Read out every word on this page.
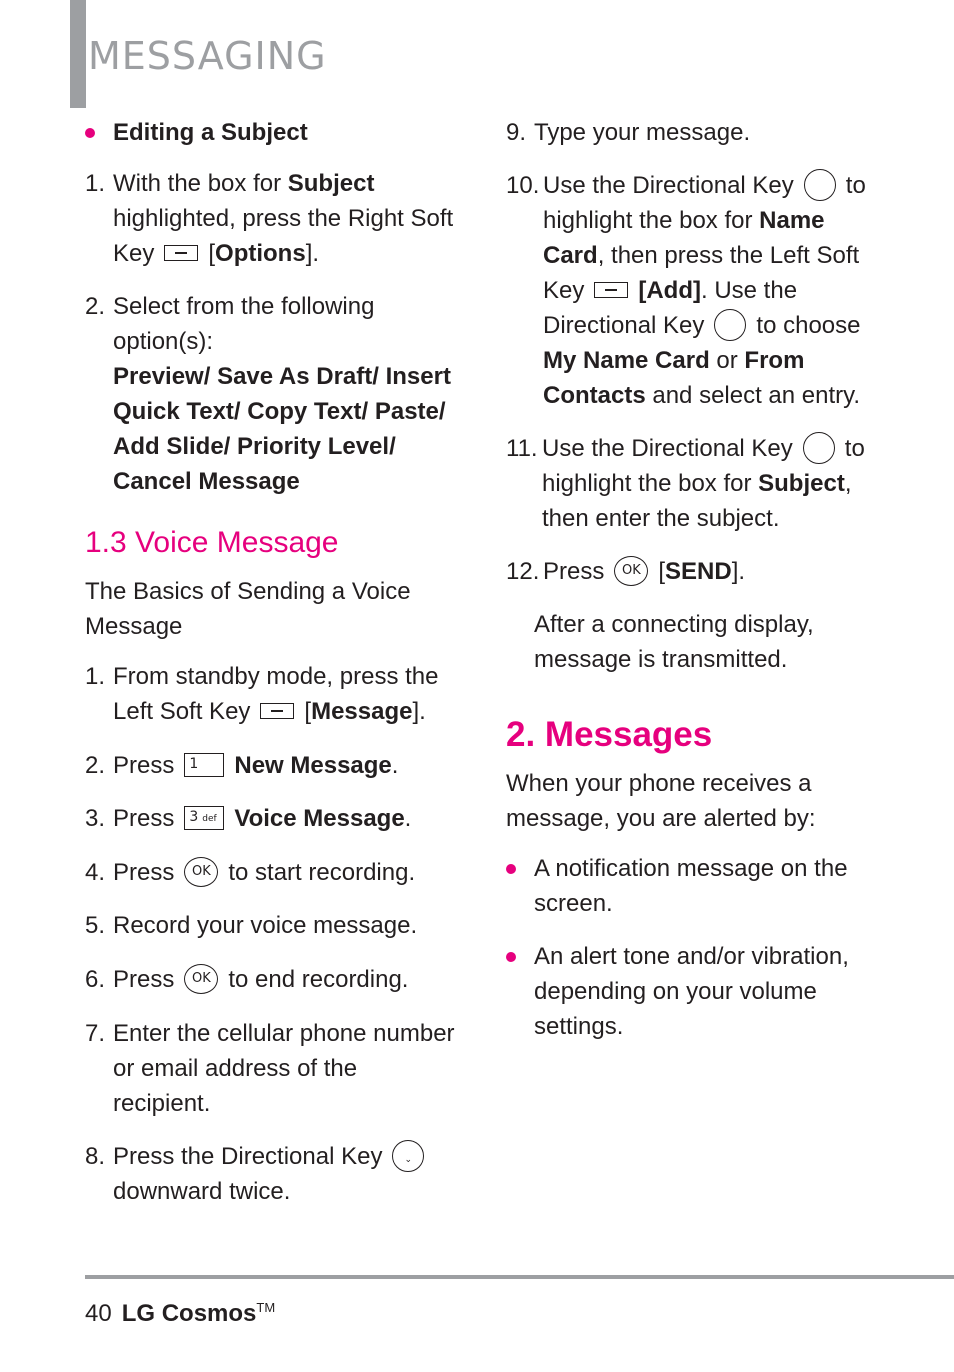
MESSAGING
Editing a Subject
1. With the box for Subject highlighted, press the Right Soft Key [Options].
2. Select from the following option(s):
Preview/ Save As Draft/ Insert Quick Text/ Copy Text/ Paste/ Add Slide/ Priority Level/ Cancel Message
1.3 Voice Message
The Basics of Sending a Voice Message
1. From standby mode, press the Left Soft Key [Message].
2. Press 1 New Message.
3. Press 3 def Voice Message.
4. Press OK to start recording.
5. Record your voice message.
6. Press OK to end recording.
7. Enter the cellular phone number or email address of the recipient.
8. Press the Directional Key ⌄

downward twice.
9. Type your message.
10. Use the Directional Key to highlight the box for Name Card, then press the Left Soft Key [Add]. Use the Directional Key to choose My Name Card or From Contacts and select an entry.
11. Use the Directional Key to highlight the box for Subject, then enter the subject.
12. Press OK [SEND].
After a connecting display, message is transmitted.
2. Messages
When your phone receives a message, you are alerted by:
A notification message on the screen.
An alert tone and/or vibration, depending on your volume settings.
40 LG Cosmos™
